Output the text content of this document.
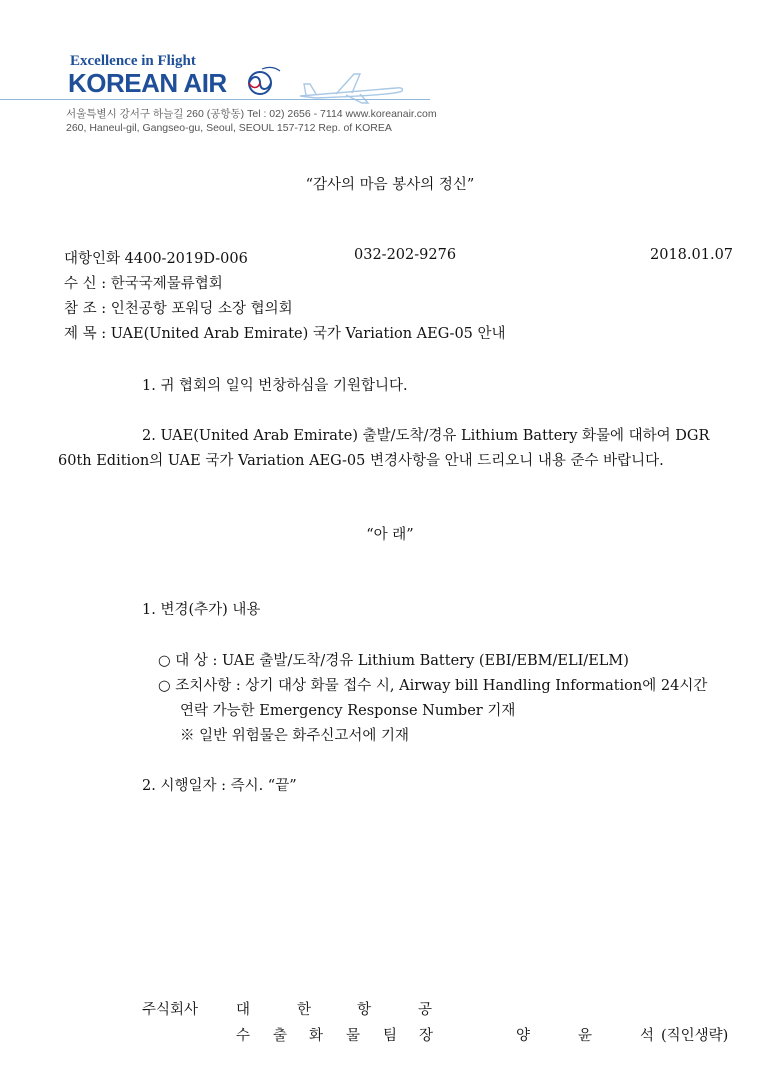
Excellence in Flight
KOREAN AIR
서울특별시 강서구 하늘길 260 (공항동) Tel : 02) 2656 - 7114 www.koreanair.com
260, Haneul-gil, Gangseo-gu, Seoul, SEOUL 157-712 Rep. of KOREA
“감사의 마음 봉사의 정신”
대항인화 4400-2019D-006	032-202-9276	2018.01.07
수 신 : 한국국제물류협회
참 조 : 인천공항 포워딩 소장 협의회
제 목 : UAE(United Arab Emirate) 국가 Variation AEG-05 안내
1. 귀 협회의 일익 번창하심을 기원합니다.
2. UAE(United Arab Emirate) 출발/도착/경유 Lithium Battery 화물에 대하여 DGR
60th Edition의 UAE 국가 Variation AEG-05 변경사항을 안내 드리오니 내용 준수 바랍니다.
“아 래”
1. 변경(추가) 내용
○ 대 상 : UAE 출발/도착/경유 Lithium Battery (EBI/EBM/ELI/ELM)
○ 조치사항 : 상기 대상 화물 접수 시, Airway bill Handling Information에 24시간
연락 가능한 Emergency Response Number 기재
※ 일반 위험물은 화주신고서에 기재
2. 시행일자 : 즉시. “끝”
주식회사	대	한	항	공
수 출 화 물 팀 장	양	윤	석 (직인생략)
